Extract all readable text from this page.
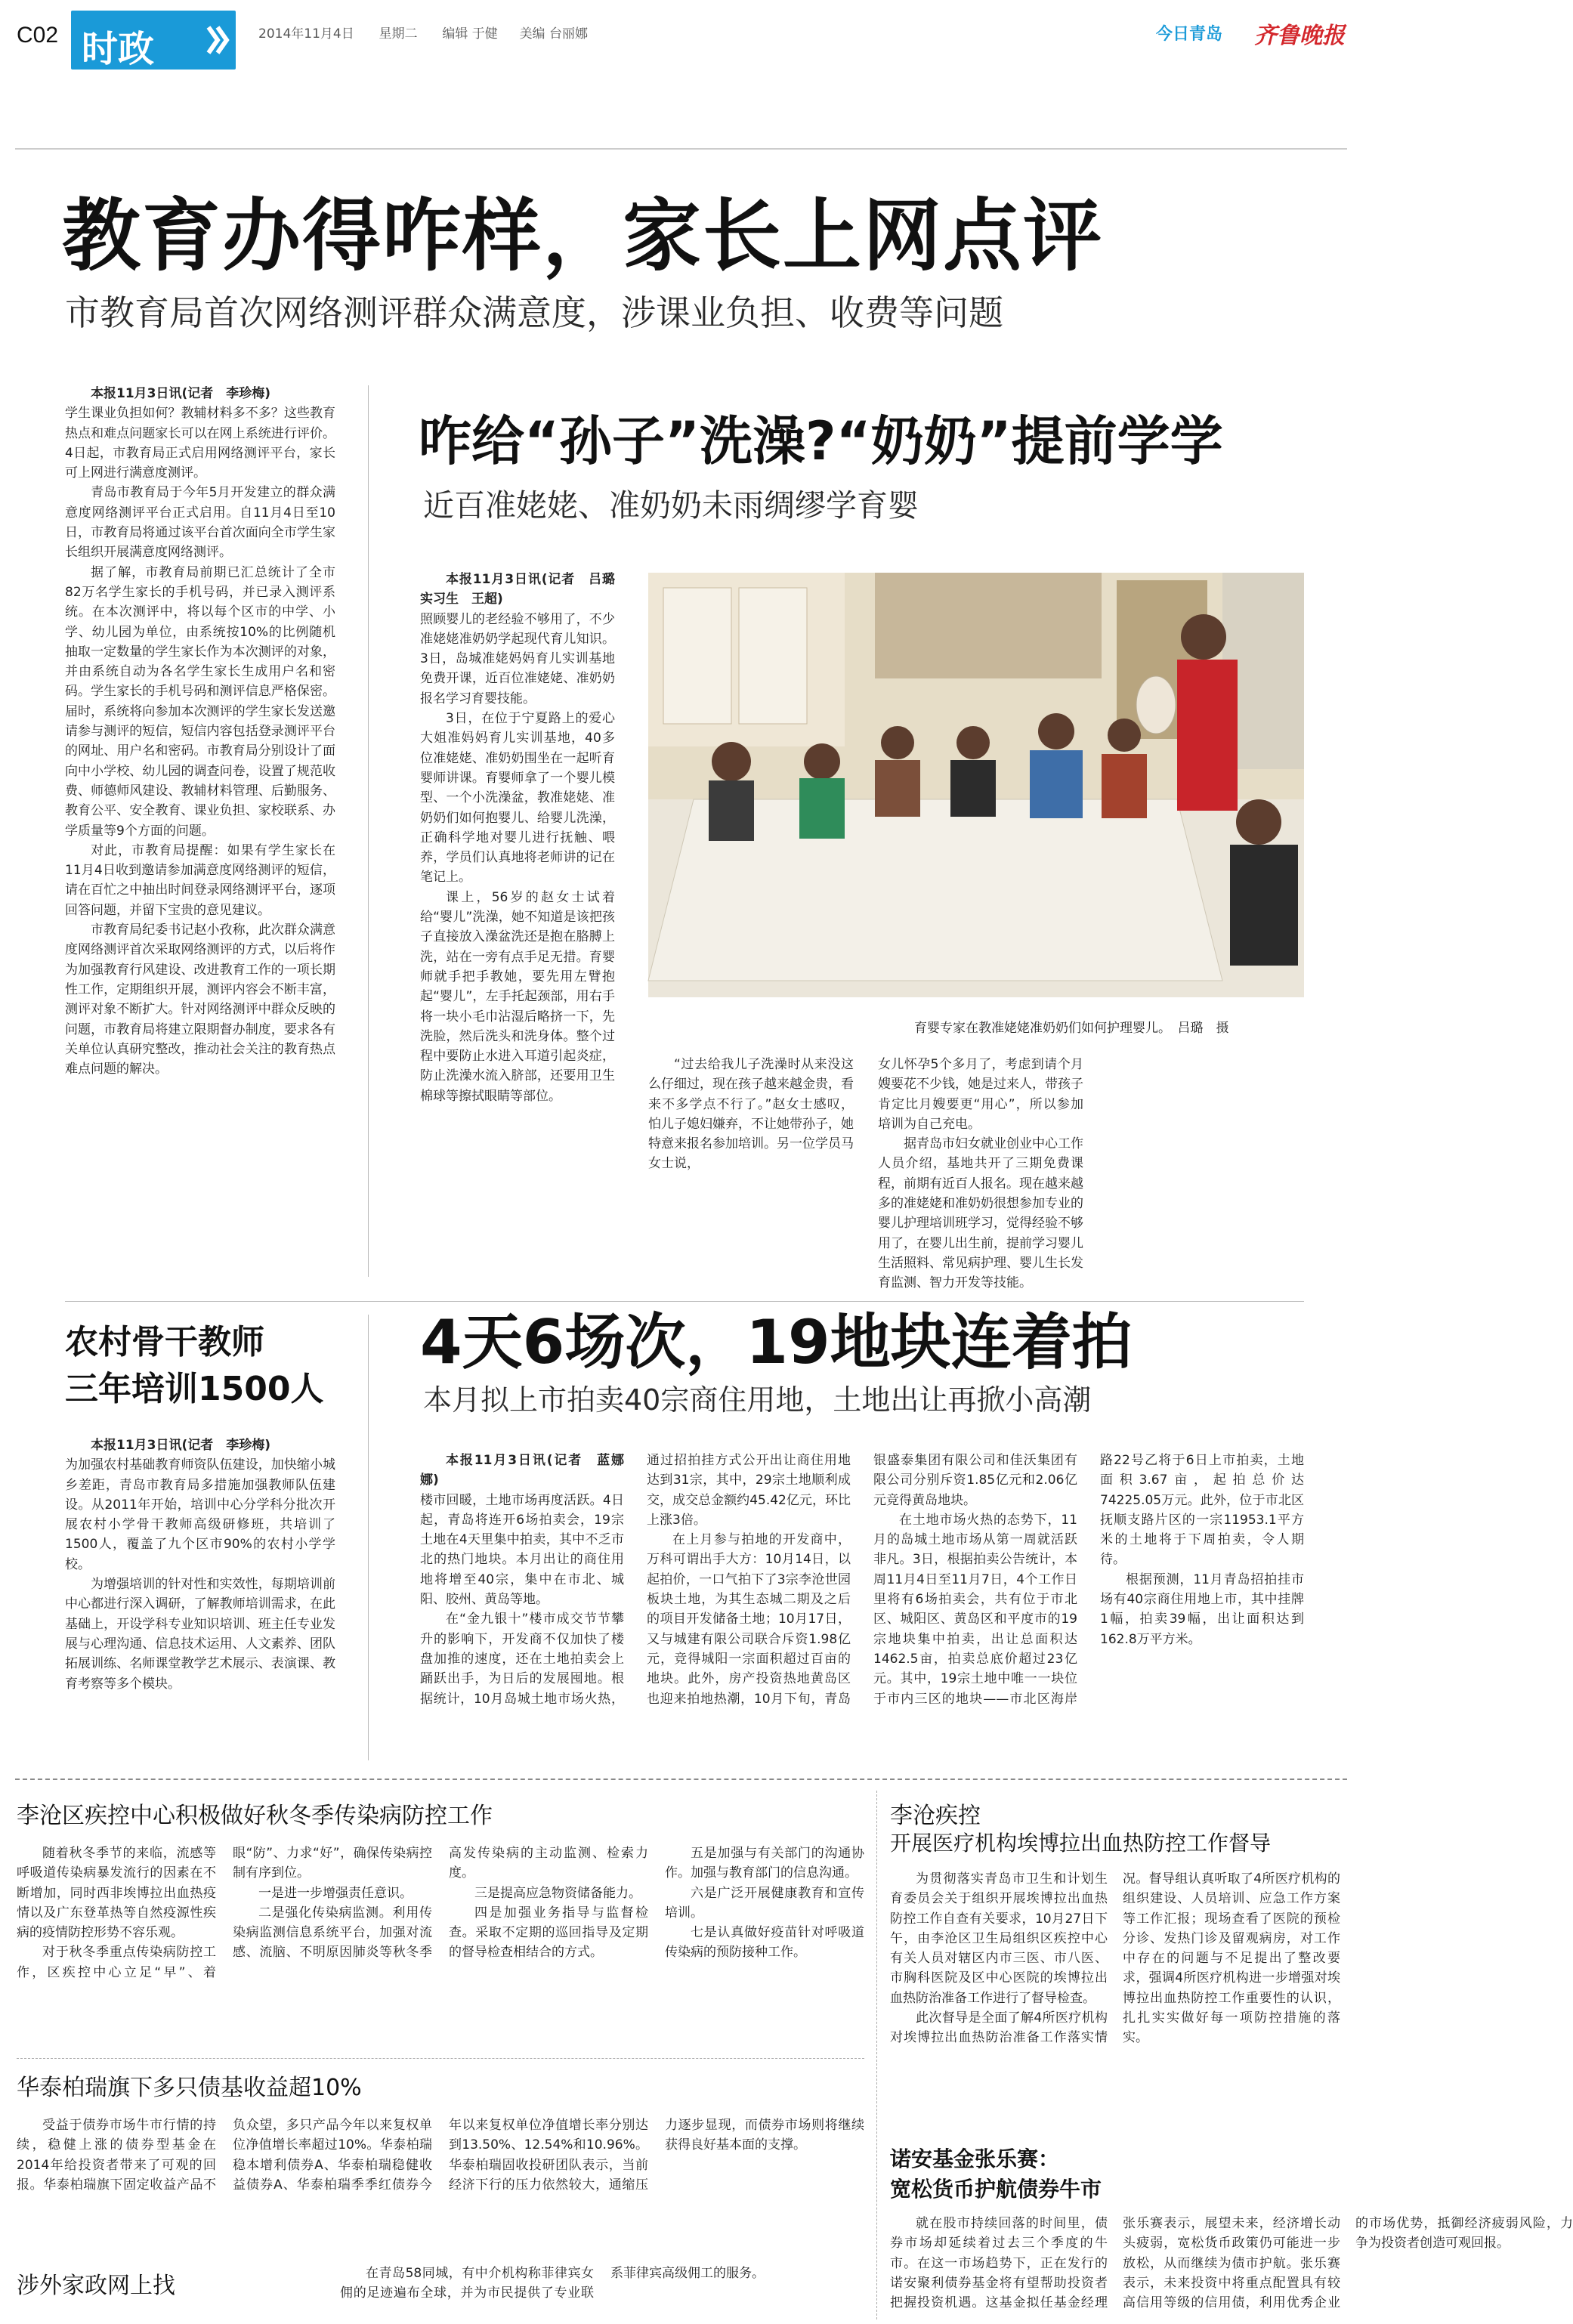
C02 时政	2014年11月4日 星期二 编辑 于健 美编 台丽娜	今日青岛 齐鲁晚报
教育办得咋样，家长上网点评
市教育局首次网络测评群众满意度，涉课业负担、收费等问题

本报11月3日讯(记者　李珍梅)

学生课业负担如何？教辅材料多不多？这些教育热点和难点问题家长可以在网上系统进行评价。4日起，市教育局正式启用网络测评平台，家长可上网进行满意度测评。

青岛市教育局于今年5月开发建立的群众满意度网络测评平台正式启用。自11月4日至10日，市教育局将通过该平台首次面向全市学生家长组织开展满意度网络测评。

据了解，市教育局前期已汇总统计了全市82万名学生家长的手机号码，并已录入测评系统。在本次测评中，将以每个区市的中学、小学、幼儿园为单位，由系统按10%的比例随机抽取一定数量的学生家长作为本次测评的对象，并由系统自动为各名学生家长生成用户名和密码。学生家长的手机号码和测评信息严格保密。届时，系统将向参加本次测评的学生家长发送邀请参与测评的短信，短信内容包括登录测评平台的网址、用户名和密码。市教育局分别设计了面向中小学校、幼儿园的调查问卷，设置了规范收费、师德师风建设、教辅材料管理、后勤服务、教育公平、安全教育、课业负担、家校联系、办学质量等9个方面的问题。

对此，市教育局提醒：如果有学生家长在11月4日收到邀请参加满意度网络测评的短信，请在百忙之中抽出时间登录网络测评平台，逐项回答问题，并留下宝贵的意见建议。

市教育局纪委书记赵小孜称，此次群众满意度网络测评首次采取网络测评的方式，以后将作为加强教育行风建设、改进教育工作的一项长期性工作，定期组织开展，测评内容会不断丰富，测评对象不断扩大。针对网络测评中群众反映的问题，市教育局将建立限期督办制度，要求各有关单位认真研究整改，推动社会关注的教育热点难点问题的解决。

咋给“孙子”洗澡?“奶奶”提前学学
近百准姥姥、准奶奶未雨绸缪学育婴

本报11月3日讯(记者　吕璐　实习生　王超)

照顾婴儿的老经验不够用了，不少准姥姥准奶奶学起现代育儿知识。3日，岛城准姥妈妈育儿实训基地免费开课，近百位准姥姥、准奶奶报名学习育婴技能。

3日，在位于宁夏路上的爱心大姐准妈妈育儿实训基地，40多位准姥姥、准奶奶围坐在一起听育婴师讲课。育婴师拿了一个婴儿模型、一个小洗澡盆，教准姥姥、准奶奶们如何抱婴儿、给婴儿洗澡，正确科学地对婴儿进行抚触、喂养，学员们认真地将老师讲的记在笔记上。

课上，56岁的赵女士试着给“婴儿”洗澡，她不知道是该把孩子直接放入澡盆洗还是抱在胳膊上洗，站在一旁有点手足无措。育婴师就手把手教她，要先用左臂抱起“婴儿”，左手托起颈部，用右手将一块小毛巾沾湿后略挤一下，先洗脸，然后洗头和洗身体。整个过程中要防止水进入耳道引起炎症，防止洗澡水流入脐部，还要用卫生棉球等擦拭眼睛等部位。

育婴专家在教准姥姥准奶奶们如何护理婴儿。　吕璐　摄

“过去给我儿子洗澡时从来没这么仔细过，现在孩子越来越金贵，看来不多学点不行了。”赵女士感叹，怕儿子媳妇嫌弃，不让她带孙子，她特意来报名参加培训。另一位学员马女士说，

女儿怀孕5个多月了，考虑到请个月嫂要花不少钱，她是过来人，带孩子肯定比月嫂要更“用心”，所以参加培训为自己充电。

据青岛市妇女就业创业中心工作人员介绍，基地共开了三期免费课程，前期有近百人报名。现在越来越多的准姥姥和准奶奶很想参加专业的婴儿护理培训班学习，觉得经验不够用了，在婴儿出生前，提前学习婴儿生活照料、常见病护理、婴儿生长发育监测、智力开发等技能。

农村骨干教师
三年培训1500人

本报11月3日讯(记者　李珍梅)

为加强农村基础教育师资队伍建设，加快缩小城乡差距，青岛市教育局多措施加强教师队伍建设。从2011年开始，培训中心分学科分批次开展农村小学骨干教师高级研修班，共培训了1500人，覆盖了九个区市90%的农村小学学校。

为增强培训的针对性和实效性，每期培训前中心都进行深入调研，了解教师培训需求，在此基础上，开设学科专业知识培训、班主任专业发展与心理沟通、信息技术运用、人文素养、团队拓展训练、名师课堂教学艺术展示、表演课、教育考察等多个模块。

4天6场次，19地块连着拍
本月拟上市拍卖40宗商住用地，土地出让再掀小高潮

本报11月3日讯(记者　蓝娜娜)

楼市回暖，土地市场再度活跃。4日起，青岛将连开6场拍卖会，19宗土地在4天里集中拍卖，其中不乏市北的热门地块。本月出让的商住用地将增至40宗，集中在市北、城阳、胶州、黄岛等地。

在“金九银十”楼市成交节节攀升的影响下，开发商不仅加快了楼盘加推的速度，还在土地拍卖会上踊跃出手，为日后的发展囤地。根据统计，10月岛城土地市场火热，通过招拍挂方式公开出让商住用地达到31宗，其中，29宗土地顺利成交，成交总金额约45.42亿元，环比上涨3倍。

在上月参与拍地的开发商中，万科可谓出手大方：10月14日，以起拍价，一口气拍下了3宗李沧世园板块土地，为其生态城二期及之后的项目开发储备土地；10月17日，又与城建有限公司联合斥资1.98亿元，竞得城阳一宗面积超过百亩的地块。此外，房产投资热地黄岛区也迎来拍地热潮，10月下旬，青岛银盛泰集团有限公司和佳沃集团有限公司分别斥资1.85亿元和2.06亿元竞得黄岛地块。

在土地市场火热的态势下，11月的岛城土地市场从第一周就活跃非凡。3日，根据拍卖公告统计，本周11月4日至11月7日，4个工作日里将有6场拍卖会，共有位于市北区、城阳区、黄岛区和平度市的19宗地块集中拍卖，出让总面积达1462.5亩，拍卖总底价超过23亿元。其中，19宗土地中唯一一块位于市内三区的地块——市北区海岸路22号乙将于6日上市拍卖，土地面积3.67亩，起拍总价达74225.05万元。此外，位于市北区抚顺支路片区的一宗11953.1平方米的土地将于下周拍卖，令人期待。

根据预测，11月青岛招拍挂市场有40宗商住用地上市，其中挂牌1幅，拍卖39幅，出让面积达到162.8万平方米。

李沧区疾控中心积极做好秋冬季传染病防控工作

随着秋冬季节的来临，流感等呼吸道传染病暴发流行的因素在不断增加，同时西非埃博拉出血热疫情以及广东登革热等自然疫源性疾病的疫情防控形势不容乐观。

对于秋冬季重点传染病防控工作，区疾控中心立足“早”、着眼“防”、力求“好”，确保传染病控制有序到位。

一是进一步增强责任意识。

二是强化传染病监测。利用传染病监测信息系统平台，加强对流感、流脑、不明原因肺炎等秋冬季高发传染病的主动监测、检索力度。

三是提高应急物资储备能力。

四是加强业务指导与监督检查。采取不定期的巡回指导及定期的督导检查相结合的方式。

五是加强与有关部门的沟通协作。加强与教育部门的信息沟通。

六是广泛开展健康教育和宣传培训。

七是认真做好疫苗针对呼吸道传染病的预防接种工作。

华泰柏瑞旗下多只债基收益超10%

受益于债券市场牛市行情的持续，稳健上涨的债券型基金在2014年给投资者带来了可观的回报。华泰柏瑞旗下固定收益产品不负众望，多只产品今年以来复权单位净值增长率超过10%。华泰柏瑞稳本增利债券A、华泰柏瑞稳健收益债券A、华泰柏瑞季季红债券今年以来复权单位净值增长率分别达到13.50%、12.54%和10.96%。华泰柏瑞固收投研团队表示，当前经济下行的压力依然较大，通缩压力逐步显现，而债券市场则将继续获得良好基本面的支撑。

涉外家政网上找	在青岛58同城，有中介机构称菲律宾女佣的足迹遍布全球，并为市民提供了专业联系菲律宾高级佣工的服务。

李沧疾控
开展医疗机构埃博拉出血热防控工作督导

为贯彻落实青岛市卫生和计划生育委员会关于组织开展埃博拉出血热防控工作自查有关要求，10月27日下午，由李沧区卫生局组织区疾控中心有关人员对辖区内市三医、市八医、市胸科医院及区中心医院的埃博拉出血热防治准备工作进行了督导检查。

此次督导是全面了解4所医疗机构对埃博拉出血热防治准备工作落实情况。督导组认真听取了4所医疗机构的组织建设、人员培训、应急工作方案等工作汇报；现场查看了医院的预检分诊、发热门诊及留观病房，对工作中存在的问题与不足提出了整改要求，强调4所医疗机构进一步增强对埃博拉出血热防控工作重要性的认识，扎扎实实做好每一项防控措施的落实。

诺安基金张乐赛：
宽松货币护航债券牛市

就在股市持续回落的时间里，债券市场却延续着过去三个季度的牛市。在这一市场趋势下，正在发行的诺安聚利债券基金将有望帮助投资者把握投资机遇。这基金拟任基金经理张乐赛表示，展望未来，经济增长动头疲弱，宽松货币政策仍可能进一步放松，从而继续为债市护航。张乐赛表示，未来投资中将重点配置具有较高信用等级的信用债，利用优秀企业的市场优势，抵御经济疲弱风险，力争为投资者创造可观回报。
